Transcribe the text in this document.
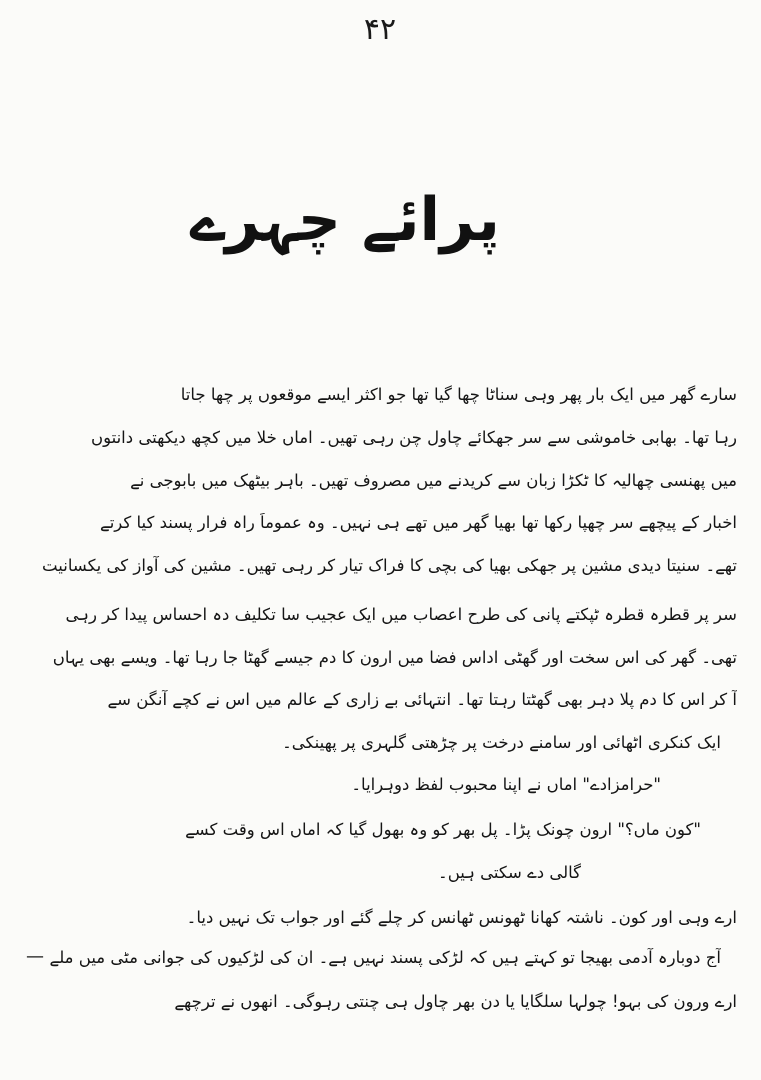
۴۲
پرائے چہرے
سارے گھر میں ایک بار پھر وہی سناٹا چھا گیا تھا جو اکثر ایسے موقعوں پر چھا جاتا
رہا تھا۔ بھابی خاموشی سے سر جھکائے چاول چن رہی تھیں۔ اماں خلا میں کچھ دیکھتی دانتوں
میں پھنسی چھالیہ کا ٹکڑا زبان سے کریدنے میں مصروف تھیں۔ باہر بیٹھک میں بابوجی نے
اخبار کے پیچھے سر چھپا رکھا تھا بھیا گھر میں تھے ہی نہیں۔ وہ عموماً راہ فرار پسند کیا کرتے
تھے۔ سنیتا دیدی مشین پر جھکی بھیا کی بچی کا فراک تیار کر رہی تھیں۔ مشین کی آواز کی یکسانیت
سر پر قطرہ قطرہ ٹپکتے پانی کی طرح اعصاب میں ایک عجیب سا تکلیف دہ احساس پیدا کر رہی
تھی۔ گھر کی اس سخت اور گھٹی اداس فضا میں اروِن کا دم جیسے گھٹا جا رہا تھا۔ ویسے بھی یہاں
آ کر اس کا دم پلا دہر بھی گھٹتا رہتا تھا۔ انتہائی بے زاری کے عالم میں اس نے کچے آنگن سے
ایک کنکری اٹھائی اور سامنے درخت پر چڑھتی گلہری پر پھینکی۔
"حرامزادے" اماں نے اپنا محبوب لفظ دوہرایا۔
"کون ماں؟" اروِن چونک پڑا۔ پل بھر کو وہ بھول گیا کہ اماں اس وقت کسے
گالی دے سکتی ہیں۔
ارے وہی اور کون۔ ناشتہ کھانا ٹھونس ٹھانس کر چلے گئے اور جواب تک نہیں دیا۔
آج دوبارہ آدمی بھیجا تو کہتے ہیں کہ لڑکی پسند نہیں ہے۔ ان کی لڑکیوں کی جوانی مٹی میں ملے
ارے وروِن کی بہو! چولہا سلگایا یا دن بھر چاول ہی چنتی رہوگی۔ انھوں نے ترچھے
—
